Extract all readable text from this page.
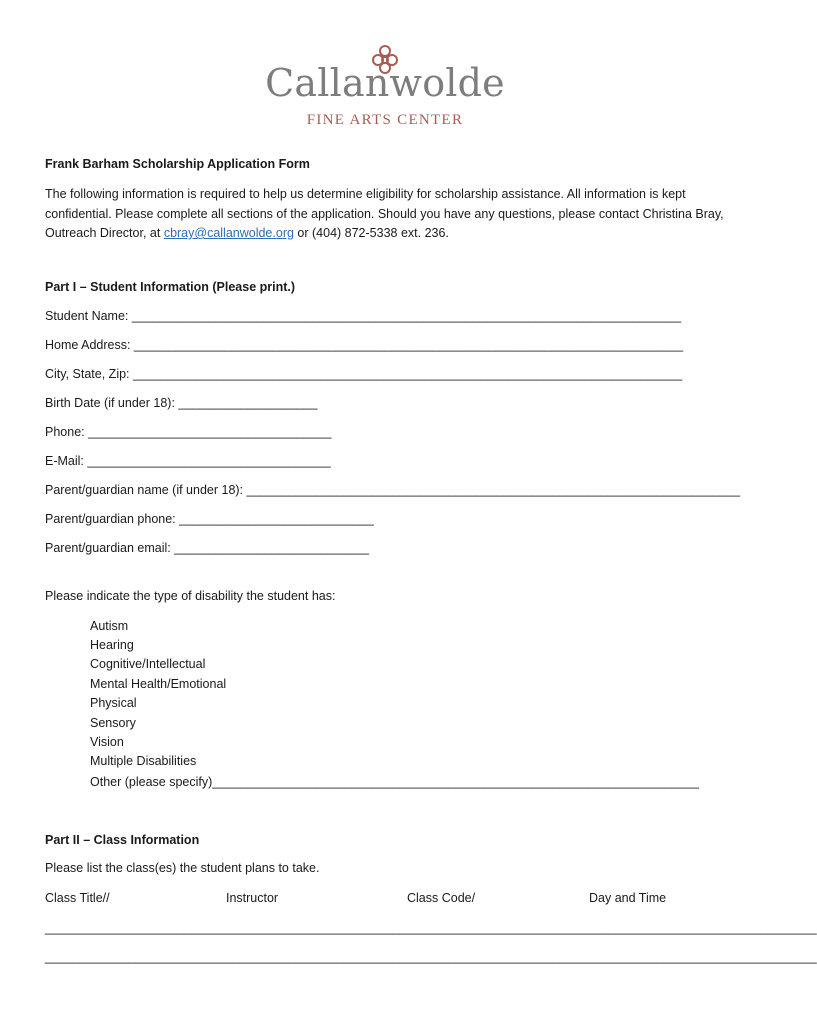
Callanwolde
FINE ARTS CENTER
Frank Barham Scholarship Application Form
The following information is required to help us determine eligibility for scholarship assistance. All information is kept confidential. Please complete all sections of the application. Should you have any questions, please contact Christina Bray, Outreach Director, at cbray@callanwolde.org or (404) 872-5338 ext. 236.
Part I – Student Information (Please print.)
Student Name: _______________________________________________________________________________
Home Address: _______________________________________________________________________________
City, State, Zip: _______________________________________________________________________________
Birth Date (if under 18): ____________________
Phone: ___________________________________
E-Mail: ___________________________________
Parent/guardian name (if under 18): _______________________________________________________________________
Parent/guardian phone: ____________________________
Parent/guardian email: ____________________________
Please indicate the type of disability the student has:
Autism
Hearing
Cognitive/Intellectual
Mental Health/Emotional
Physical
Sensory
Vision
Multiple Disabilities
Other (please specify)______________________________________________________________________
Part II – Class Information
Please list the class(es) the student plans to take.
Class Title//	Instructor	Class Code/	Day and Time
_______________________________________________________________________________________________________________
_______________________________________________________________________________________________________________
